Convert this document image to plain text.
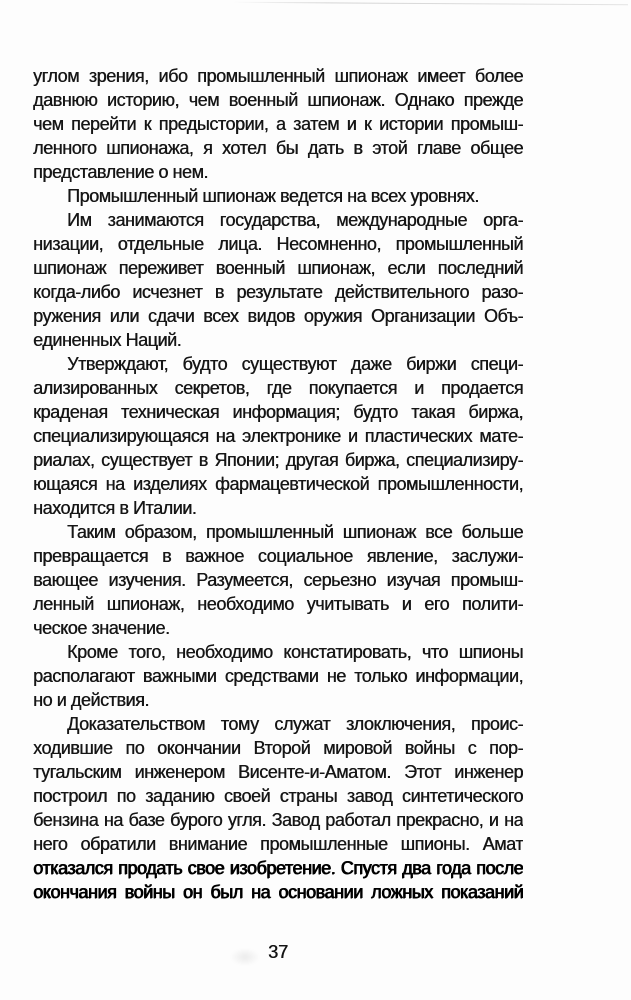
углом зрения, ибо промышленный шпионаж имеет более
давнюю историю, чем военный шпионаж. Однако прежде
чем перейти к предыстории, а затем и к истории промыш-
ленного шпионажа, я хотел бы дать в этой главе общее
представление о нем.

Промышленный шпионаж ведется на всех уровнях.

Им занимаются государства, международные орга-
низации, отдельные лица. Несомненно, промышленный
шпионаж переживет военный шпионаж, если последний
когда-либо исчезнет в результате действительного разо-
ружения или сдачи всех видов оружия Организации Объ-
единенных Наций.

Утверждают, будто существуют даже биржи специ-
ализированных секретов, где покупается и продается
краденая техническая информация; будто такая биржа,
специализирующаяся на электронике и пластических мате-
риалах, существует в Японии; другая биржа, специализиру-
ющаяся на изделиях фармацевтической промышленности,
находится в Италии.

Таким образом, промышленный шпионаж все больше
превращается в важное социальное явление, заслужи-
вающее изучения. Разумеется, серьезно изучая промыш-
ленный шпионаж, необходимо учитывать и его полити-
ческое значение.

Кроме того, необходимо констатировать, что шпионы
располагают важными средствами не только информации,
но и действия.

Доказательством тому служат злоключения, проис-
ходившие по окончании Второй мировой войны с пор-
тугальским инженером Висенте-и-Аматом. Этот инженер
построил по заданию своей страны завод синтетического
бензина на базе бурого угля. Завод работал прекрасно, и на
него обратили внимание промышленные шпионы. Амат
отказался продать свое изобретение. Спустя два года после
окончания войны он был на основании ложных показаний

37
